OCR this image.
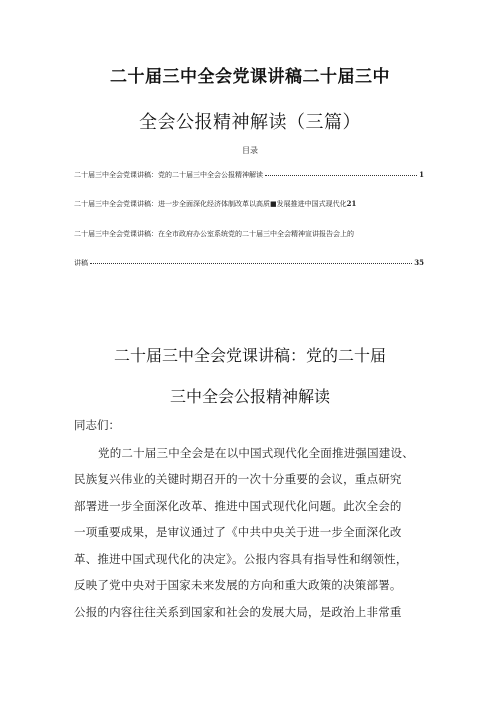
二十届三中全会党课讲稿二十届三中
全会公报精神解读（三篇）
目录
二十届三中全会党课讲稿：党的二十届三中全会公报精神解读	1
二十届三中全会党课讲稿：进一步全面深化经济体制改革以高质■发展推进中国式现代化 21
二十届三中全会党课讲稿：在全市政府办公室系统党的二十届三中全会精神宣讲报告会上的
讲稿	35
二十届三中全会党课讲稿：党的二十届
三中全会公报精神解读
同志们：
党的二十届三中全会是在以中国式现代化全面推进强国建设、
民族复兴伟业的关键时期召开的一次十分重要的会议，重点研究
部署进一步全面深化改革、推进中国式现代化问题。此次全会的
一项重要成果，是审议通过了《中共中央关于进一步全面深化改
革、推进中国式现代化的决定》。公报内容具有指导性和纲领性，
反映了党中央对于国家未来发展的方向和重大政策的决策部署。
公报的内容往往关系到国家和社会的发展大局，是政治上非常重
